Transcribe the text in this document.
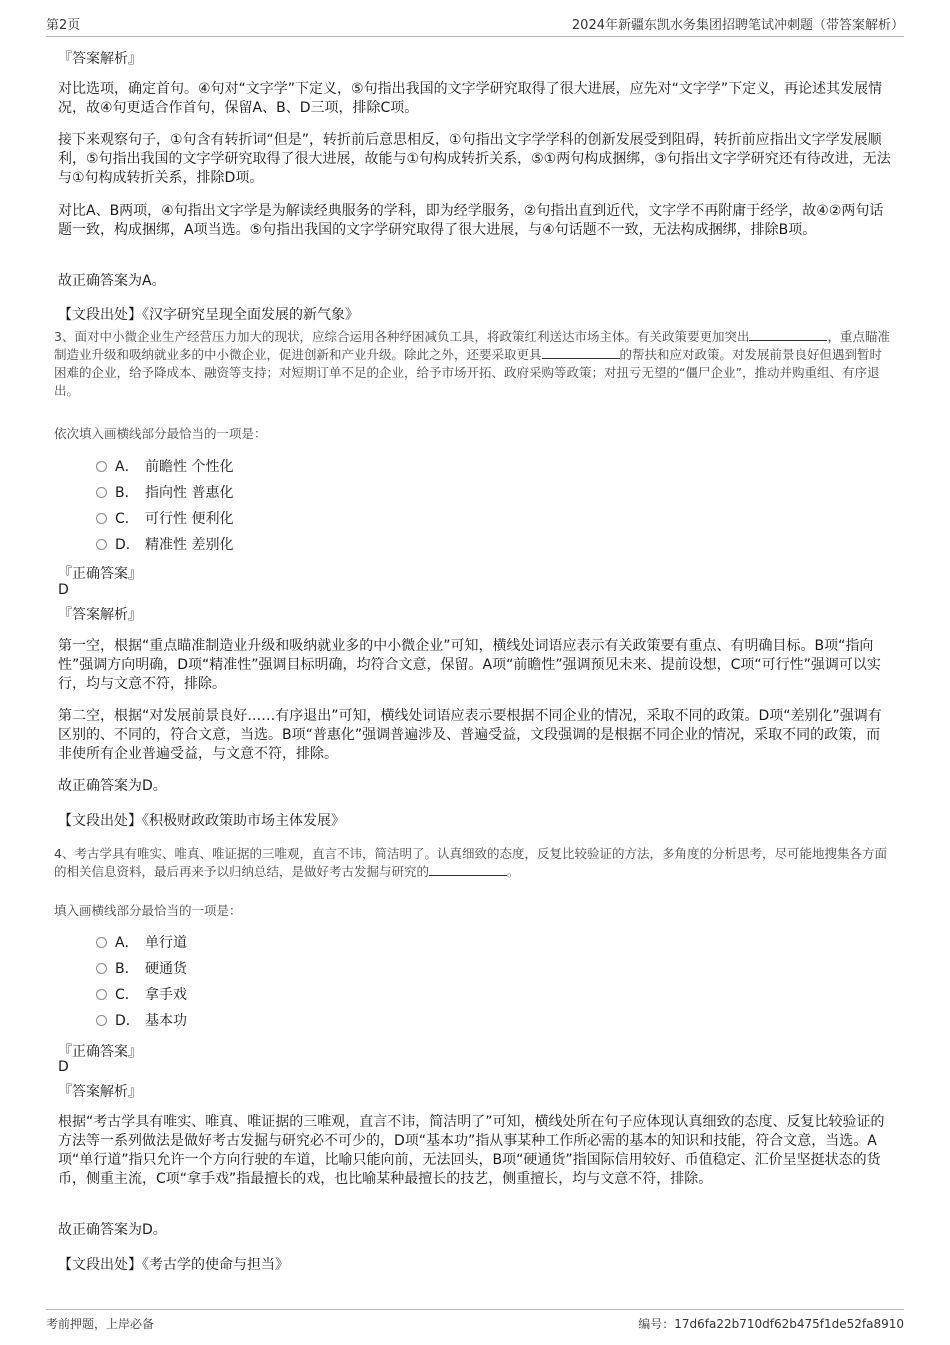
第2页	2024年新疆东凯水务集团招聘笔试冲刺题（带答案解析）
『答案解析』
对比选项，确定首句。④句对“文字学”下定义，⑤句指出我国的文字学研究取得了很大进展，应先对“文字学”下定义，再论述其发展情况，故④句更适合作首句，保留A、B、D三项，排除C项。
接下来观察句子，①句含有转折词“但是”，转折前后意思相反，①句指出文字学学科的创新发展受到阻碍，转折前应指出文字学发展顺利，⑤句指出我国的文字学研究取得了很大进展，故能与①句构成转折关系，⑤①两句构成捆绑，③句指出文字学研究还有待改进，无法与①句构成转折关系，排除D项。
对比A、B两项，④句指出文字学是为解读经典服务的学科，即为经学服务，②句指出直到近代，文字学不再附庸于经学，故④②两句话题一致，构成捆绑，A项当选。⑤句指出我国的文字学研究取得了很大进展，与④句话题不一致，无法构成捆绑，排除B项。
故正确答案为A。
【文段出处】《汉字研究呈现全面发展的新气象》
3、面对中小微企业生产经营压力加大的现状，应综合运用各种纾困减负工具，将政策红利送达市场主体。有关政策要更加突出	，重点瞄准制造业升级和吸纳就业多的中小微企业，促进创新和产业升级。除此之外，还要采取更具	的帮扶和应对政策。对发展前景良好但遇到暂时困难的企业，给予降成本、融资等支持；对短期订单不足的企业，给予市场开拓、政府采购等政策；对扭亏无望的“僵尸企业”，推动并购重组、有序退出。
依次填入画横线部分最恰当的一项是：
A． 前瞻性 个性化
B． 指向性 普惠化
C． 可行性 便利化
D． 精准性 差别化
『正确答案』
D
『答案解析』
第一空，根据“重点瞄准制造业升级和吸纳就业多的中小微企业”可知，横线处词语应表示有关政策要有重点、有明确目标。B项“指向性”强调方向明确，D项“精准性”强调目标明确，均符合文意，保留。A项“前瞻性”强调预见未来、提前设想，C项“可行性”强调可以实行，均与文意不符，排除。
第二空，根据“对发展前景良好……有序退出”可知，横线处词语应表示要根据不同企业的情况，采取不同的政策。D项“差别化”强调有区别的、不同的，符合文意，当选。B项“普惠化”强调普遍涉及、普遍受益，文段强调的是根据不同企业的情况，采取不同的政策，而非使所有企业普遍受益，与文意不符，排除。
故正确答案为D。
【文段出处】《积极财政政策助市场主体发展》
4、考古学具有唯实、唯真、唯证据的三唯观，直言不讳，简洁明了。认真细致的态度，反复比较验证的方法，多角度的分析思考，尽可能地搜集各方面的相关信息资料，最后再来予以归纳总结，是做好考古发掘与研究的	。
填入画横线部分最恰当的一项是：
A． 单行道
B． 硬通货
C． 拿手戏
D． 基本功
『正确答案』
D
『答案解析』
根据“考古学具有唯实、唯真、唯证据的三唯观，直言不讳，简洁明了”可知，横线处所在句子应体现认真细致的态度、反复比较验证的方法等一系列做法是做好考古发掘与研究必不可少的，D项“基本功”指从事某种工作所必需的基本的知识和技能，符合文意，当选。A项“单行道”指只允许一个方向行驶的车道，比喻只能向前，无法回头，B项“硬通货”指国际信用较好、币值稳定、汇价呈坚挺状态的货币，侧重主流，C项“拿手戏”指最擅长的戏，也比喻某种最擅长的技艺，侧重擅长，均与文意不符，排除。
故正确答案为D。
【文段出处】《考古学的使命与担当》
考前押题，上岸必备	编号：17d6fa22b710df62b475f1de52fa8910
